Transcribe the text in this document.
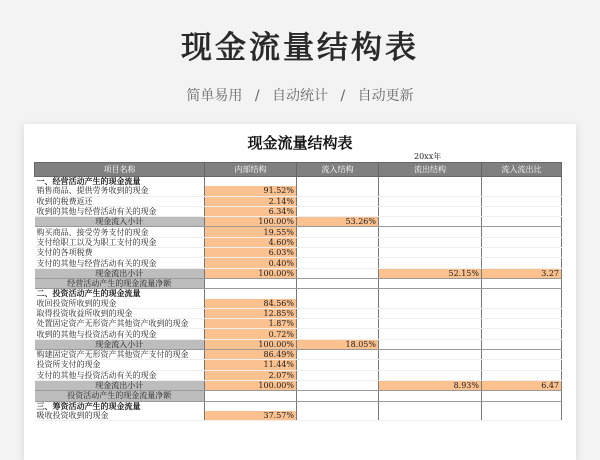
现金流量结构表
简单易用 / 自动统计 / 自动更新
现金流量结构表
20xx年
项目名称	内部结构	流入结构	流出结构	流入流出比
一、经营活动产生的现金流量				
销售商品、提供劳务收到的现金	91.52%			
收到的税费返还	2.14%			
收到的其他与经营活动有关的现金	6.34%			
现金流入小计	100.00%	53.26%		
购买商品、接受劳务支付的现金	19.55%			
支付给职工以及为职工支付的现金	4.60%			
支付的各项税费	6.03%			
支付的其他与经营活动有关的现金	0.40%			
现金流出小计	100.00%		52.15%	3.27
经营活动产生的现金流量净额				
二、投资活动产生的现金流量				
收回投资所收到的现金	84.56%			
取得投资收益所收到的现金	12.85%			
处置固定资产无形资产其他资产收到的现金	1.87%			
收到的其他与投资活动有关的现金	0.72%			
现金流入小计	100.00%	18.05%		
购建固定资产无形资产其他资产支付的现金	86.49%			
投资所支付的现金	11.44%			
支付的其他与投资活动有关的现金	2.07%			
现金流出小计	100.00%		8.93%	6.47
投资活动产生的现金流量净额				
三、筹资活动产生的现金流量				
吸收投资收到的现金	37.57%			
